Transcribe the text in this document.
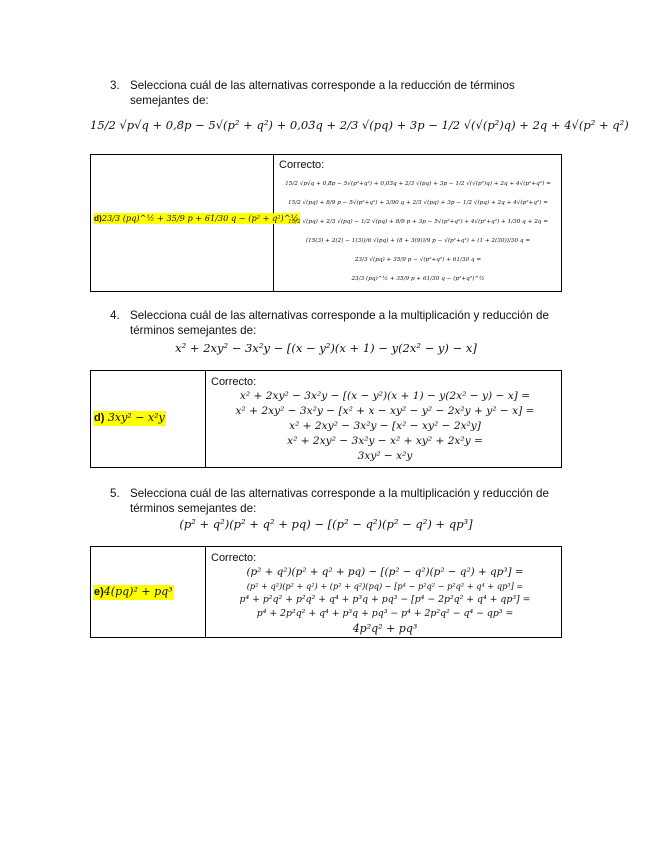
3. Selecciona cuál de las alternativas corresponde a la reducción de términos
semejantes de:
15/2 √p√q + 0,8̄p − 5√(p² + q²) + 0,03̄q + 2/3 √(pq) + 3p − 1/2 √(√(p²)q) + 2q + 4√(p² + q²)
d)23/3 (pq)^½ + 35/9 p + 61/30 q − (p² + q²)^½
Correcto:
15/2 √p√q + 0,8̄p − 5√(p²+q²) + 0,03̄q + 2/3 √(pq) + 3p − 1/2 √(√(p²)q) + 2q + 4√(p²+q²) =
15/2 √(pq) + 8/9 p − 5√(p²+q²) + 3/90 q + 2/3 √(pq) + 3p − 1/2 √(pq) + 2q + 4√(p²+q²) =
15/2 √(pq) + 2/3 √(pq) − 1/2 √(pq) + 8/9 p + 3p − 5√(p²+q²) + 4√(p²+q²) + 1/30 q + 2q =
(15(3) + 2(2) − 1(3))/6 √(pq) + (8 + 3(9))/9 p − √(p²+q²) + (1 + 2(30))/30 q =
23/3 √(pq) + 35/9 p − √(p²+q²) + 61/30 q =
23/3 (pq)^½ + 35/9 p + 61/30 q − (p²+q²)^½
4. Selecciona cuál de las alternativas corresponde a la multiplicación y reducción de
términos semejantes de:
x² + 2xy² − 3x²y − [(x − y²)(x + 1) − y(2x² − y) − x]
d) 3xy² − x²y
Correcto:
x² + 2xy² − 3x²y − [(x − y²)(x + 1) − y(2x² − y) − x] =
x² + 2xy² − 3x²y − [x² + x − xy² − y² − 2x²y + y² − x] =
x² + 2xy² − 3x²y − [x² − xy² − 2x²y]
x² + 2xy² − 3x²y − x² + xy² + 2x²y =
3xy² − x²y
5. Selecciona cuál de las alternativas corresponde a la multiplicación y reducción de
términos semejantes de:
(p² + q²)(p² + q² + pq) − [(p² − q²)(p² − q²) + qp³]
e)4(pq)² + pq³
Correcto:
(p² + q²)(p² + q² + pq) − [(p² − q²)(p² − q²) + qp³] =
(p² + q²)(p² + q²) + (p² + q²)(pq) − [p⁴ − p²q² − p²q² + q⁴ + qp³] =
p⁴ + p²q² + p²q² + q⁴ + p³q + pq³ − [p⁴ − 2p²q² + q⁴ + qp³] =
p⁴ + 2p²q² + q⁴ + p³q + pq³ − p⁴ + 2p²q² − q⁴ − qp³ =
4p²q² + pq³
